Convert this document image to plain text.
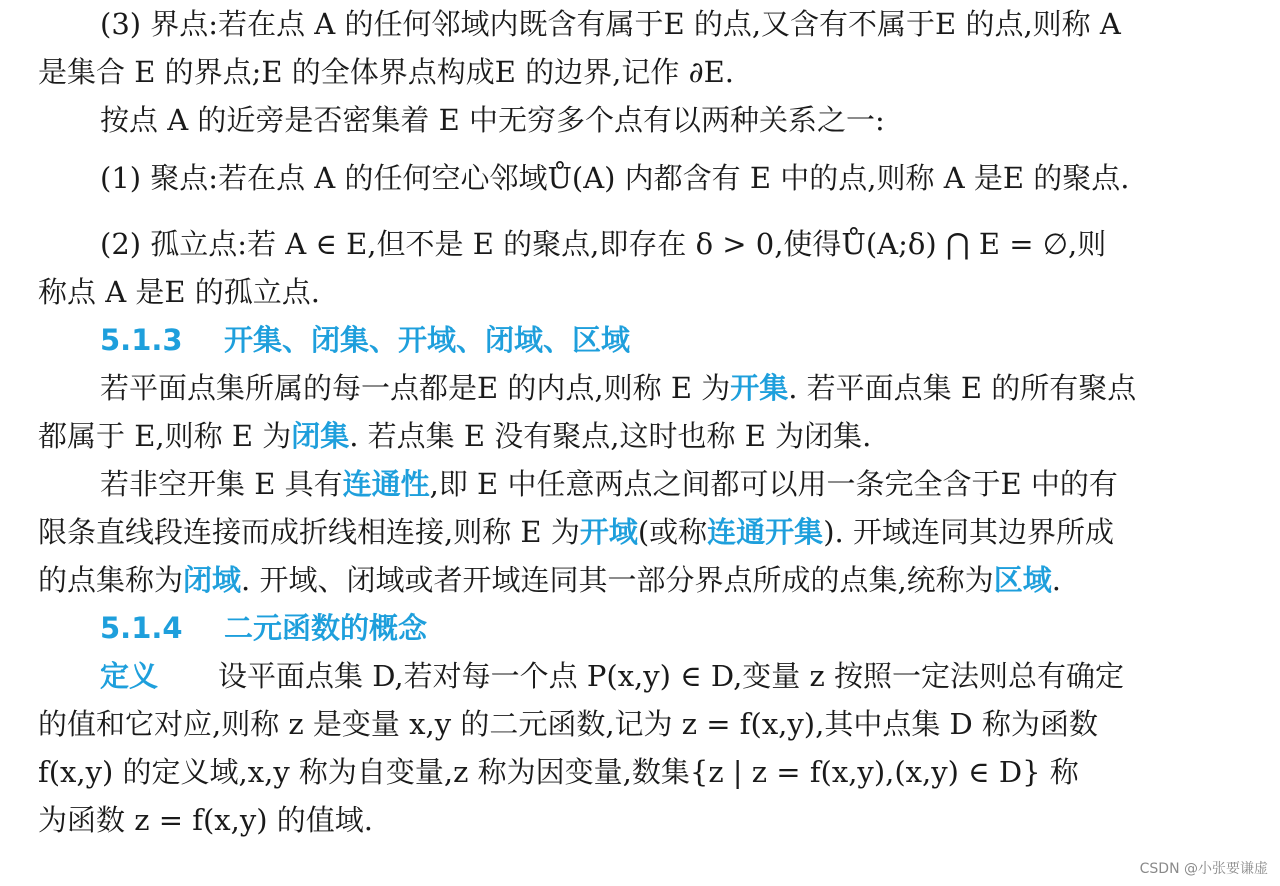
(3) 界点:若在点 A 的任何邻域内既含有属于E 的点,又含有不属于E 的点,则称 A
是集合 E 的界点;E 的全体界点构成E 的边界,记作 ∂E.
按点 A 的近旁是否密集着 E 中无穷多个点有以两种关系之一:
(1) 聚点:若在点 A 的任何空心邻域Ů(A) 内都含有 E 中的点,则称 A 是E 的聚点.
(2) 孤立点:若 A ∈ E,但不是 E 的聚点,即存在 δ > 0,使得Ů(A;δ) ⋂ E = ∅,则
称点 A 是E 的孤立点.
5.1.3 开集、闭集、开域、闭域、区域
若平面点集所属的每一点都是E 的内点,则称 E 为开集. 若平面点集 E 的所有聚点
都属于 E,则称 E 为闭集. 若点集 E 没有聚点,这时也称 E 为闭集.
若非空开集 E 具有连通性,即 E 中任意两点之间都可以用一条完全含于E 中的有
限条直线段连接而成折线相连接,则称 E 为开域(或称连通开集). 开域连同其边界所成
的点集称为闭域. 开域、闭域或者开域连同其一部分界点所成的点集,统称为区域.
5.1.4 二元函数的概念
定义 设平面点集 D,若对每一个点 P(x,y) ∈ D,变量 z 按照一定法则总有确定
的值和它对应,则称 z 是变量 x,y 的二元函数,记为 z = f(x,y),其中点集 D 称为函数
f(x,y) 的定义域,x,y 称为自变量,z 称为因变量,数集{z | z = f(x,y),(x,y) ∈ D} 称
为函数 z = f(x,y) 的值域.
CSDN @小张要谦虚
